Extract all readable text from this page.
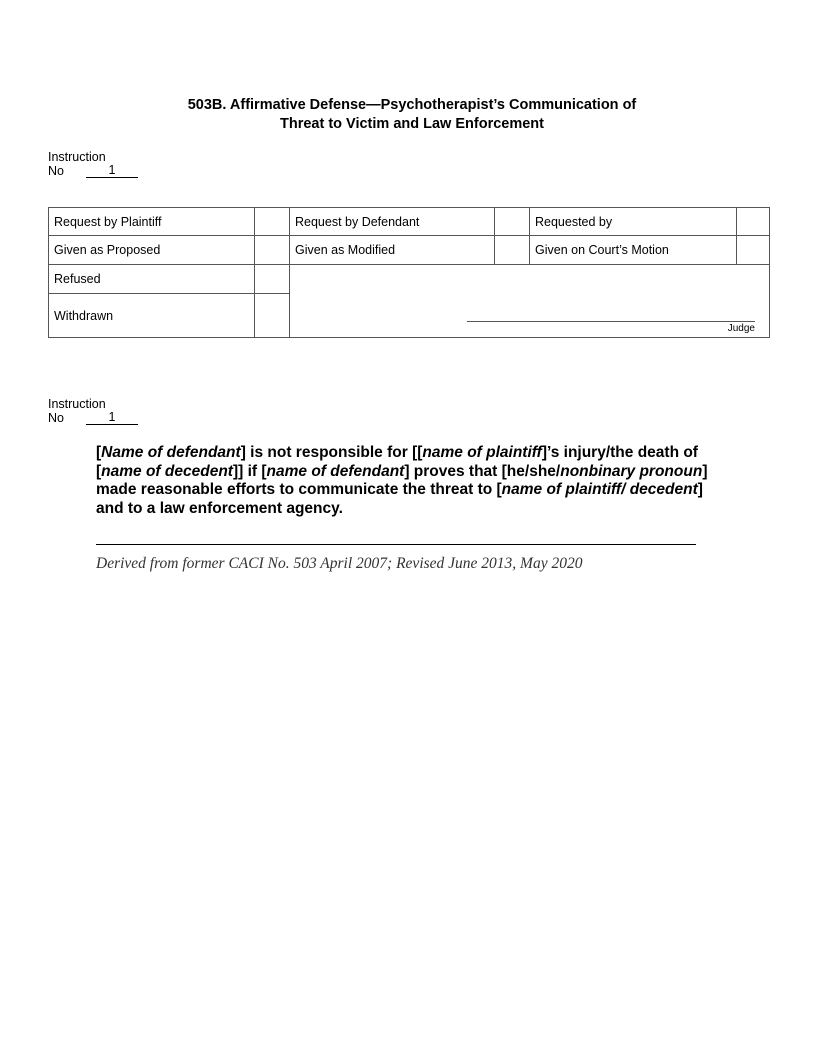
503B. Affirmative Defense—Psychotherapist’s Communication of
Threat to Victim and Law Enforcement
Instruction
No	1
Request by Plaintiff		Request by Defendant		Requested by	
Given as Proposed		Given as Modified		Given on Court’s Motion	
Refused		Judge			

Withdrawn					
Instruction
No	1
[Name of defendant] is not responsible for [[name of plaintiff]’s injury/the death of [name of decedent]] if [name of defendant] proves that [he/she/nonbinary pronoun] made reasonable efforts to communicate the threat to [name of plaintiff/ decedent] and to a law enforcement agency.
Derived from former CACI No. 503 April 2007; Revised June 2013, May 2020
